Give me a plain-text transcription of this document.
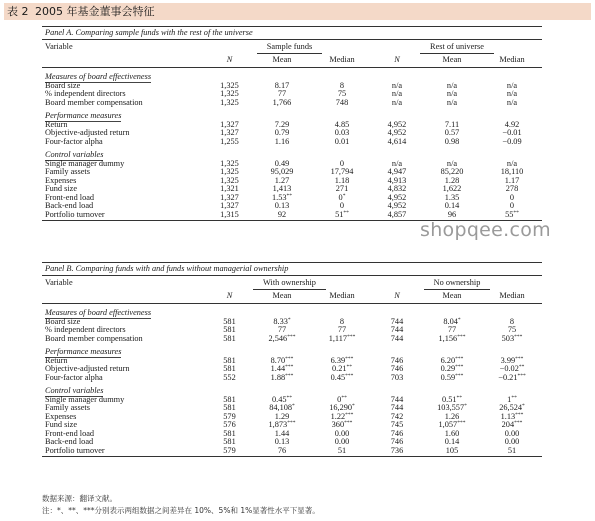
表 2 2005 年基金董事会特征
Panel A. Comparing sample funds with the rest of the universe						
Variable	Sample funds			Rest of universe		
	N	Mean	Median	N	Mean	Median

Measures of board effectiveness						
Board size	1,325	8.17	8	n/a	n/a	n/a
% independent directors	1,325	77	75	n/a	n/a	n/a
Board member compensation	1,325	1,766	748	n/a	n/a	n/a

Performance measures						
Return	1,327	7.29	4.85	4,952	7.11	4.92
Objective-adjusted return	1,327	0.79	0.03	4,952	0.57	−0.01
Four-factor alpha	1,255	1.16	0.01	4,614	0.98	−0.09

Control variables						
Single manager dummy	1,325	0.49	0	n/a	n/a	n/a
Family assets	1,325	95,029	17,794	4,947	85,220	18,110
Expenses	1,325	1.27	1.18	4,913	1.28	1.17
Fund size	1,321	1,413	271	4,832	1,622	278
Front-end load	1,327	1.53**	0*	4,952	1.35	0
Back-end load	1,327	0.13	0	4,952	0.14	0
Portfolio turnover	1,315	92	51**	4,857	96	55**
Panel B. Comparing funds with and funds without managerial ownership						
Variable	With ownership			No ownership		
	N	Mean	Median	N	Mean	Median

Measures of board effectiveness						
Board size	581	8.33*	8	744	8.04*	8
% independent directors	581	77	77	744	77	75
Board member compensation	581	2,546***	1,117***	744	1,156***	503***

Performance measures						
Return	581	8.70***	6.39***	746	6.20***	3.99***
Objective-adjusted return	581	1.44***	0.21**	746	0.29***	−0.02**
Four-factor alpha	552	1.88***	0.45***	703	0.59***	−0.21***

Control variables						
Single manager dummy	581	0.45**	0**	744	0.51**	1**
Family assets	581	84,108*	16,290*	744	103,557*	26,524*
Expenses	579	1.29	1.22***	742	1.26	1.13***
Fund size	576	1,873***	360***	745	1,057***	204***
Front-end load	581	1.44	0.00	746	1.60	0.00
Back-end load	581	0.13	0.00	746	0.14	0.00
Portfolio turnover	579	76	51	736	105	51
shopqee.com
数据来源：翻译文献。
注：*、**、***分别表示两组数据之间差异在 10%、5%和 1%显著性水平下显著。
